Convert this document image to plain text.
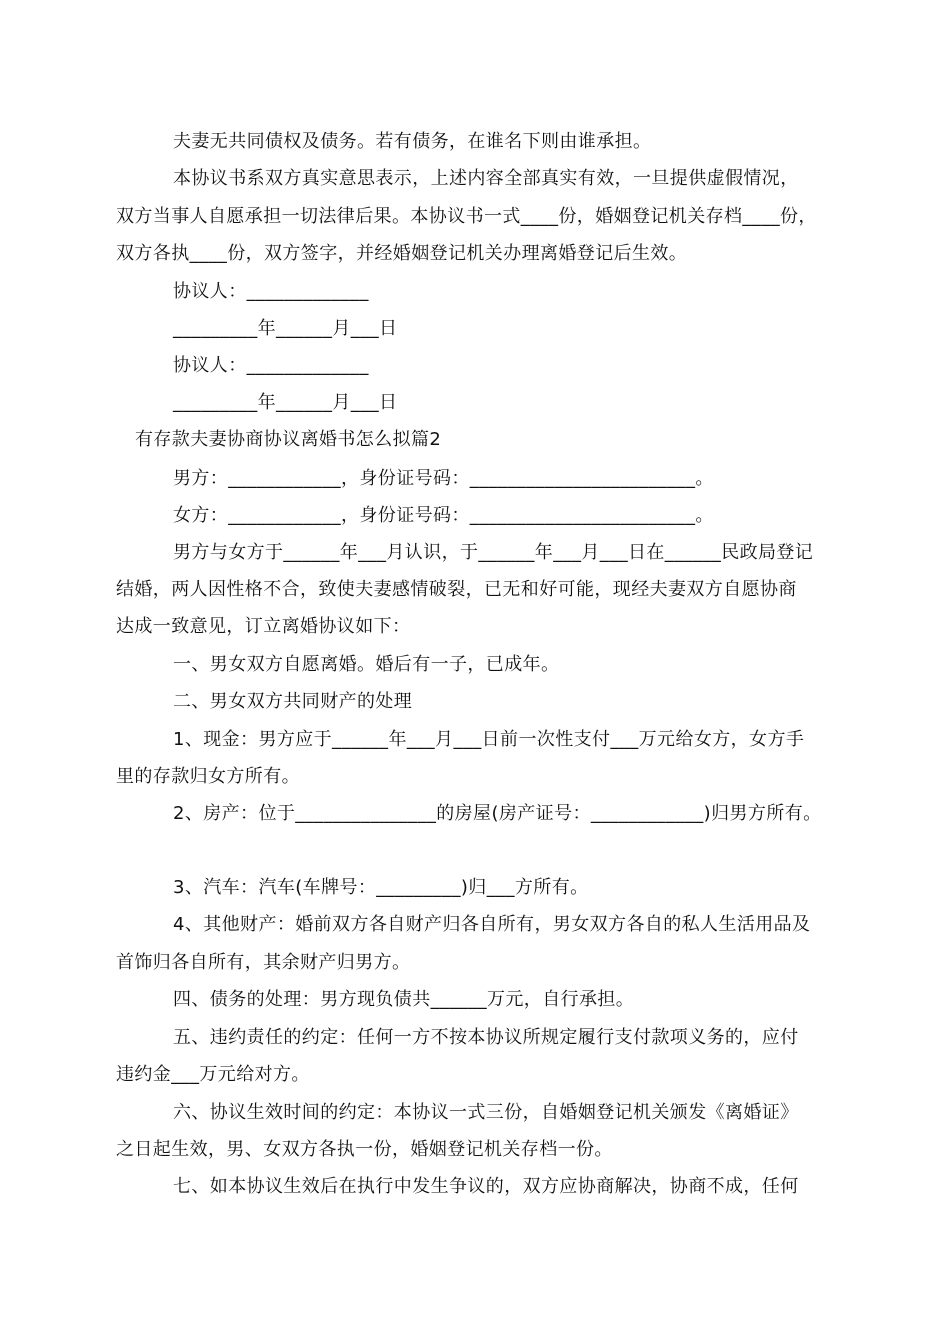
夫妻无共同债权及债务。若有债务，在谁名下则由谁承担。
本协议书系双方真实意思表示，上述内容全部真实有效，一旦提供虚假情况，
双方当事人自愿承担一切法律后果。本协议书一式____份，婚姻登记机关存档____份，
双方各执____份，双方签字，并经婚姻登记机关办理离婚登记后生效。
协议人：_____________
_________年______月___日
协议人：_____________
_________年______月___日
有存款夫妻协商协议离婚书怎么拟篇2
男方：____________，身份证号码：________________________。
女方：____________，身份证号码：________________________。
男方与女方于______年___月认识，于______年___月___日在______民政局登记
结婚，两人因性格不合，致使夫妻感情破裂，已无和好可能，现经夫妻双方自愿协商
达成一致意见，订立离婚协议如下：
一、男女双方自愿离婚。婚后有一子，已成年。
二、男女双方共同财产的处理
1、现金：男方应于______年___月___日前一次性支付___万元给女方，女方手
里的存款归女方所有。
2、房产：位于_______________的房屋(房产证号：____________)归男方所有。
3、汽车：汽车(车牌号：_________)归___方所有。
4、其他财产：婚前双方各自财产归各自所有，男女双方各自的私人生活用品及
首饰归各自所有，其余财产归男方。
四、债务的处理：男方现负债共______万元，自行承担。
五、违约责任的约定：任何一方不按本协议所规定履行支付款项义务的，应付
违约金___万元给对方。
六、协议生效时间的约定：本协议一式三份，自婚姻登记机关颁发《离婚证》
之日起生效，男、女双方各执一份，婚姻登记机关存档一份。
七、如本协议生效后在执行中发生争议的，双方应协商解决，协商不成，任何
